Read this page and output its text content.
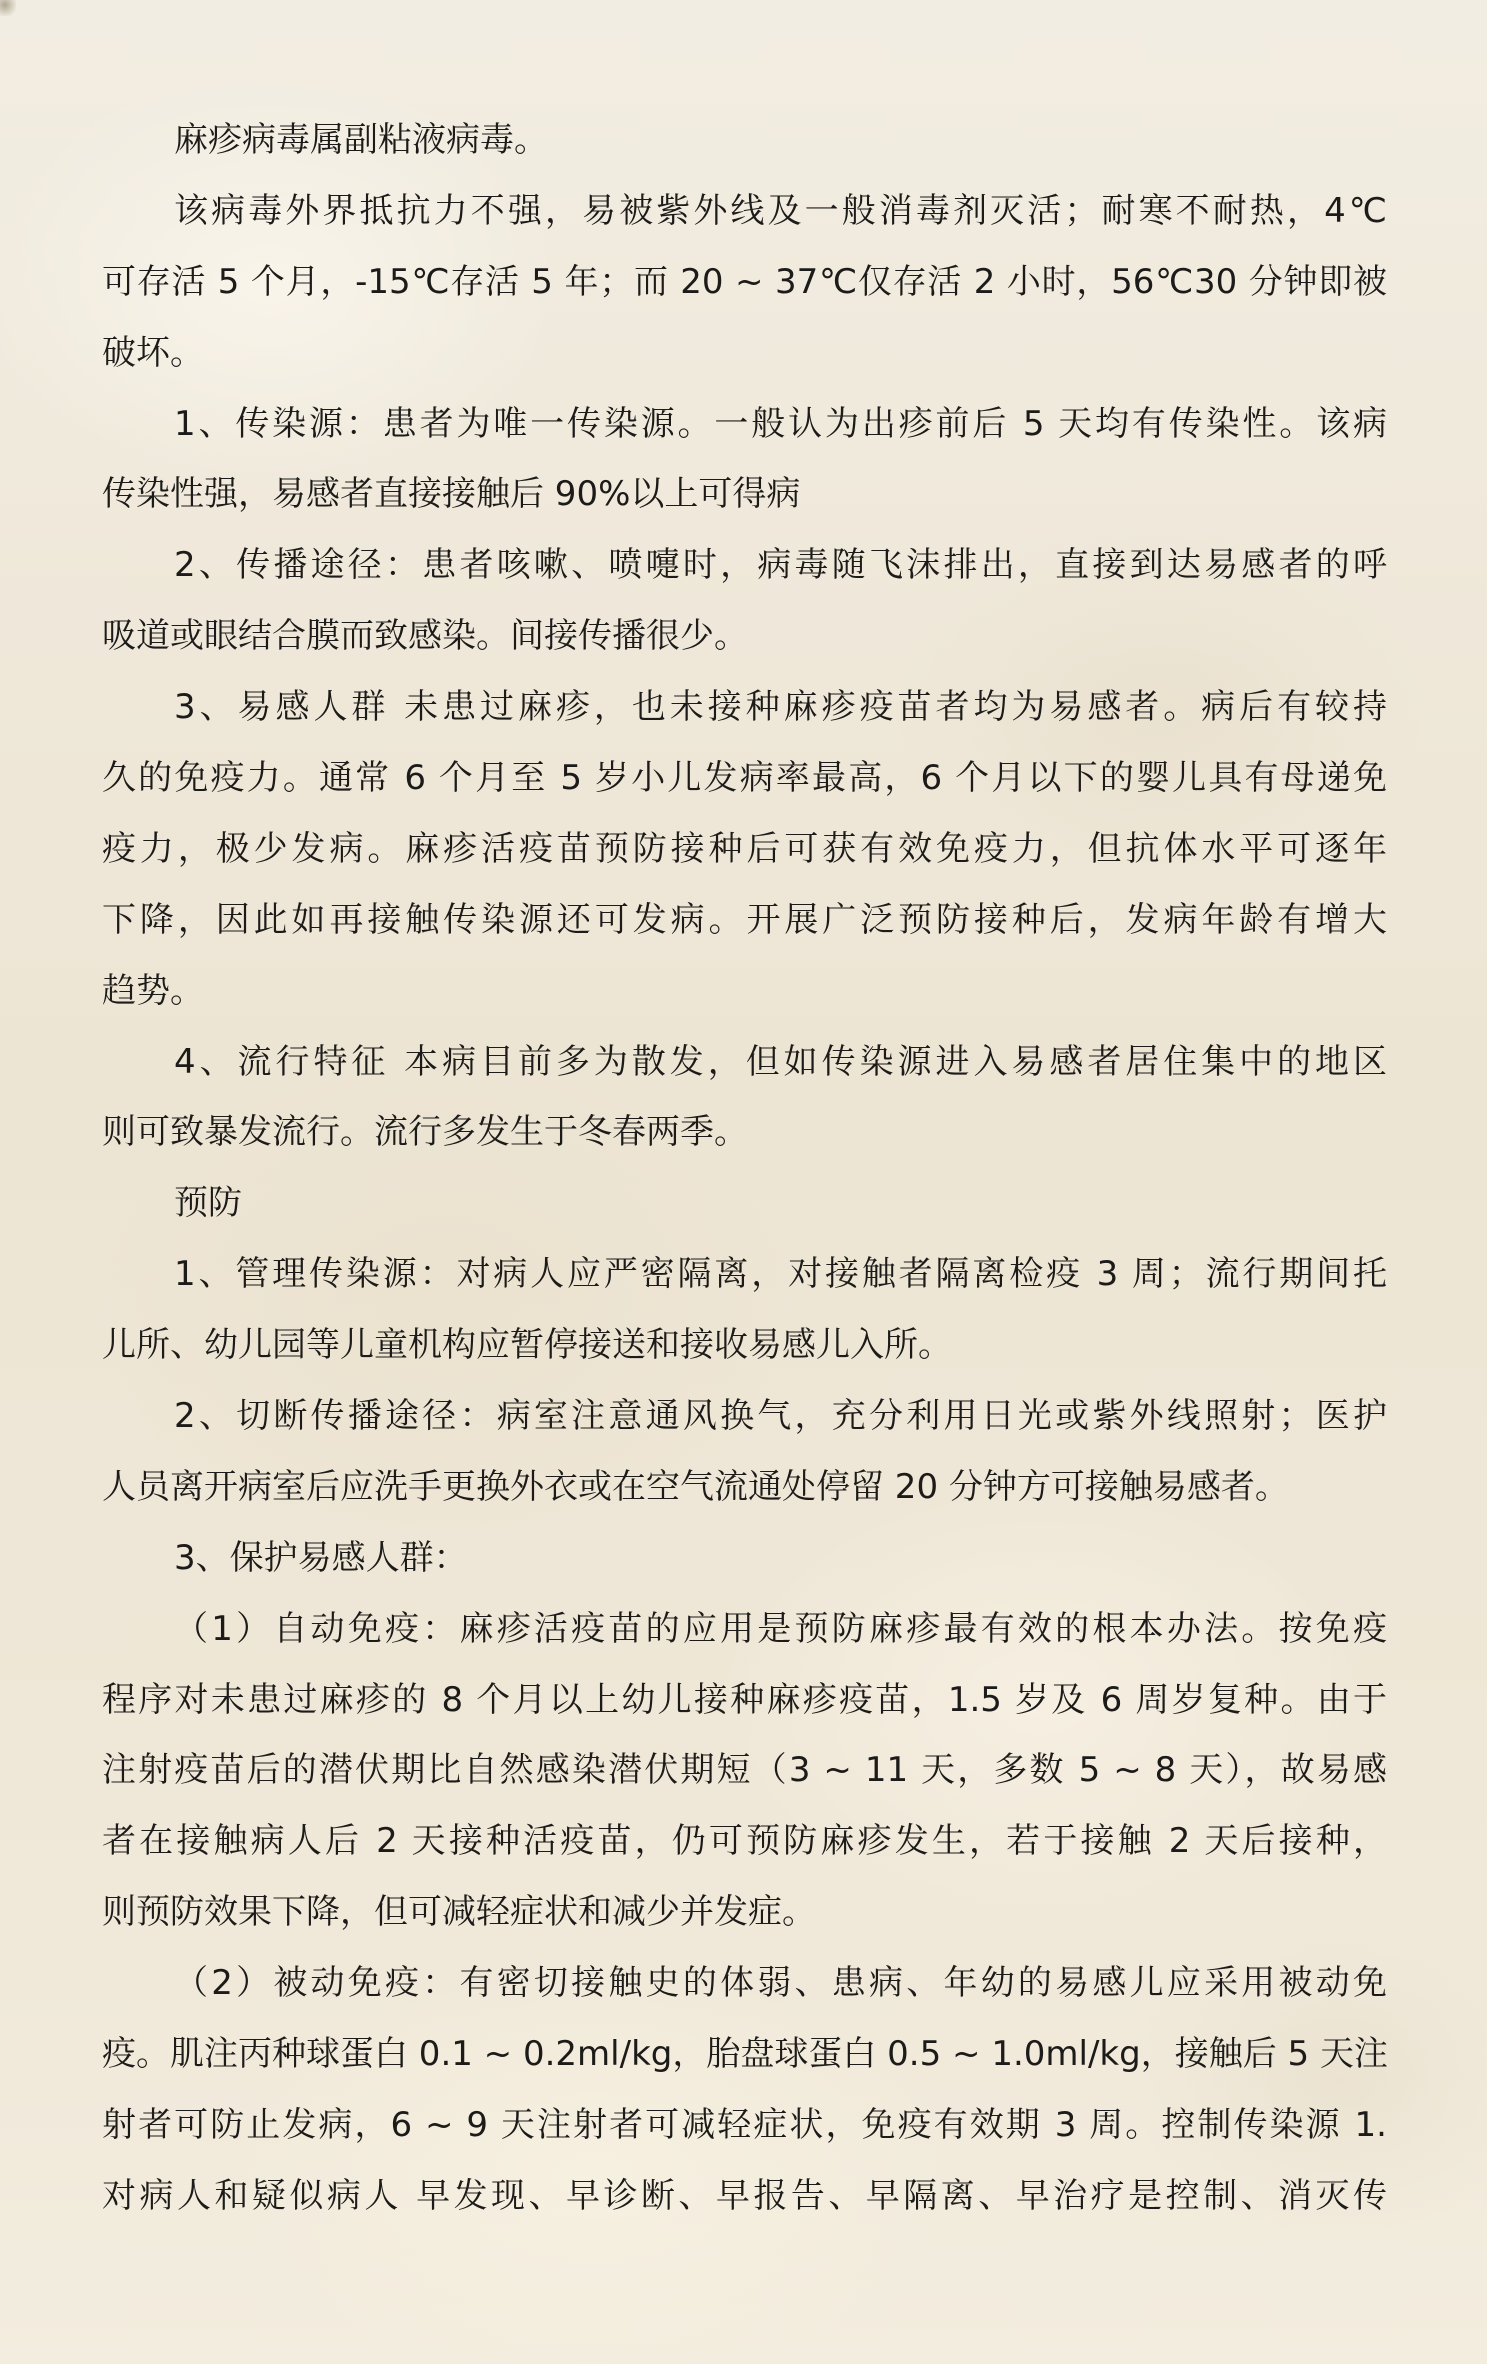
麻疹病毒属副粘液病毒。
该病毒外界抵抗力不强，易被紫外线及一般消毒剂灭活；耐寒不耐热，4℃
可存活 5 个月，-15℃存活 5 年；而 20 ~ 37℃仅存活 2 小时，56℃30 分钟即被
破坏。
1、传染源：患者为唯一传染源。一般认为出疹前后 5 天均有传染性。该病
传染性强，易感者直接接触后 90%以上可得病
2、传播途径：患者咳嗽、喷嚏时，病毒随飞沫排出，直接到达易感者的呼
吸道或眼结合膜而致感染。间接传播很少。
3、易感人群 未患过麻疹，也未接种麻疹疫苗者均为易感者。病后有较持
久的免疫力。通常 6 个月至 5 岁小儿发病率最高，6 个月以下的婴儿具有母递免
疫力，极少发病。麻疹活疫苗预防接种后可获有效免疫力，但抗体水平可逐年
下降，因此如再接触传染源还可发病。开展广泛预防接种后，发病年龄有增大
趋势。
4、流行特征 本病目前多为散发，但如传染源进入易感者居住集中的地区
则可致暴发流行。流行多发生于冬春两季。
预防
1、管理传染源：对病人应严密隔离，对接触者隔离检疫 3 周；流行期间托
儿所、幼儿园等儿童机构应暂停接送和接收易感儿入所。
2、切断传播途径：病室注意通风换气，充分利用日光或紫外线照射；医护
人员离开病室后应洗手更换外衣或在空气流通处停留 20 分钟方可接触易感者。
3、保护易感人群：
（1）自动免疫：麻疹活疫苗的应用是预防麻疹最有效的根本办法。按免疫
程序对未患过麻疹的 8 个月以上幼儿接种麻疹疫苗，1.5 岁及 6 周岁复种。由于
注射疫苗后的潜伏期比自然感染潜伏期短（3 ~ 11 天，多数 5 ~ 8 天），故易感
者在接触病人后 2 天接种活疫苗，仍可预防麻疹发生，若于接触 2 天后接种，
则预防效果下降，但可减轻症状和减少并发症。
（2）被动免疫：有密切接触史的体弱、患病、年幼的易感儿应采用被动免
疫。肌注丙种球蛋白 0.1 ~ 0.2ml/kg，胎盘球蛋白 0.5 ~ 1.0ml/kg，接触后 5 天注
射者可防止发病，6 ~ 9 天注射者可减轻症状，免疫有效期 3 周。控制传染源 1.
对病人和疑似病人 早发现、早诊断、早报告、早隔离、早治疗是控制、消灭传
